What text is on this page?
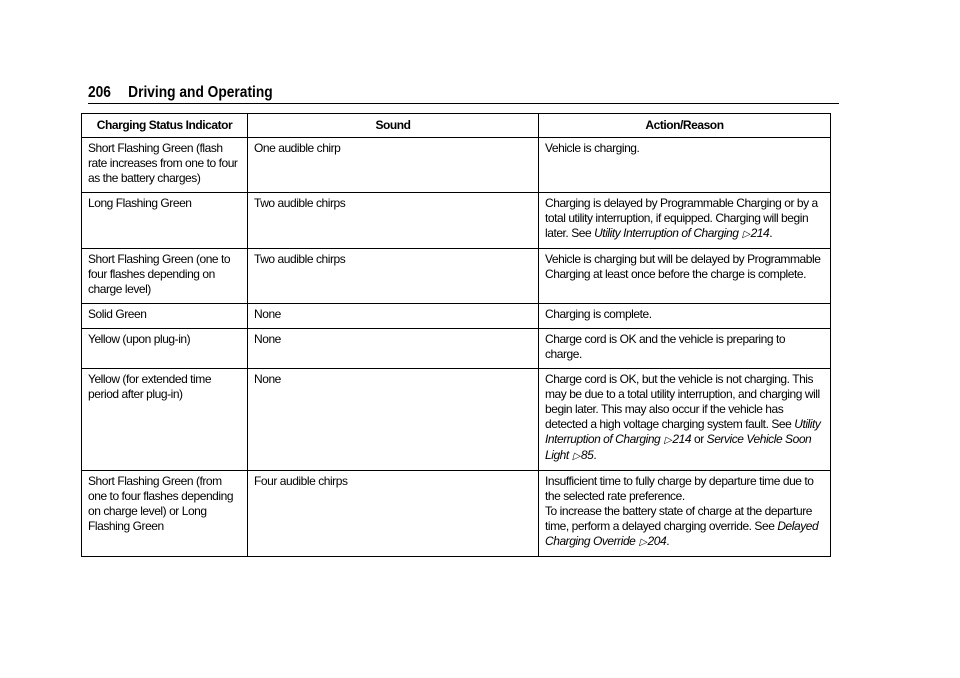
206 Driving and Operating
Charging Status Indicator	Sound	Action/Reason
Short Flashing Green (flash rate increases from one to four as the battery charges)	One audible chirp	Vehicle is charging.
Long Flashing Green	Two audible chirps	Charging is delayed by Programmable Charging or by a total utility interruption, if equipped. Charging will begin later. See Utility Interruption of Charging ▷214.
Short Flashing Green (one to four flashes depending on charge level)	Two audible chirps	Vehicle is charging but will be delayed by Programmable Charging at least once before the charge is complete.
Solid Green	None	Charging is complete.
Yellow (upon plug-in)	None	Charge cord is OK and the vehicle is preparing to charge.
Yellow (for extended time period after plug-in)	None	Charge cord is OK, but the vehicle is not charging. This may be due to a total utility interruption, and charging will begin later. This may also occur if the vehicle has detected a high voltage charging system fault. See Utility Interruption of Charging ▷214 or Service Vehicle Soon Light ▷85.
Short Flashing Green (from one to four flashes depending on charge level) or Long Flashing Green	Four audible chirps	Insufficient time to fully charge by departure time due to the selected rate preference.
To increase the battery state of charge at the departure time, perform a delayed charging override. See Delayed Charging Override ▷204.
